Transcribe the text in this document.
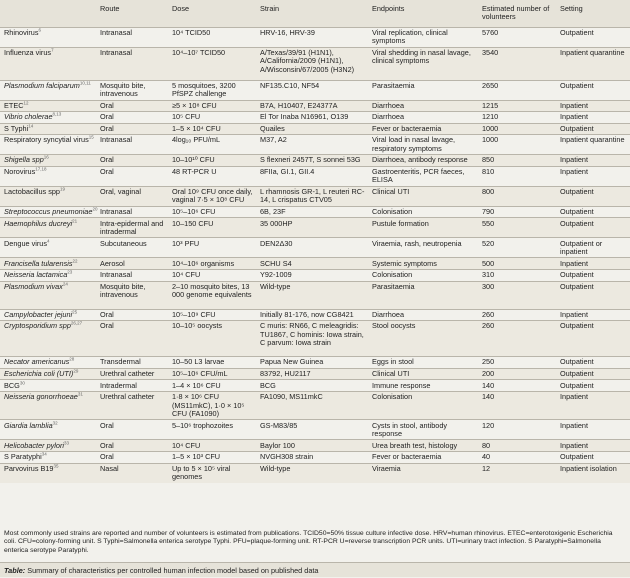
	Route	Dose	Strain	Endpoints	Estimated number of volunteers	Setting
Rhinovirus$^6$	Intranasal	10⁴ TCID50	HRV-16, HRV-39	Viral replication, clinical symptoms	5760	Outpatient
Influenza virus$^7$	Intranasal	10⁴–10⁷ TCID50	A/Texas/39/91 (H1N1), A/California/2009 (H1N1), A/Wisconsin/67/2005 (H3N2)	Viral shedding in nasal lavage, clinical symptoms	3540	Inpatient quarantine
Plasmodium falciparum$^{10,11}$	Mosquito bite, intravenous	5 mosquitoes, 3200 PfSPZ challenge	NF135.C10, NF54	Parasitaemia	2650	Outpatient
ETEC$^{12}$	Oral	≥5 × 10⁸ CFU	B7A, H10407, E24377A	Diarrhoea	1215	Inpatient
Vibrio cholerae$^{8,13}$	Oral	10⁵ CFU	El Tor Inaba N16961, O139	Diarrhoea	1210	Inpatient
S Typhi$^{14}$	Oral	1–5 × 10⁴ CFU	Quailes	Fever or bacteraemia	1000	Outpatient
Respiratory syncytial virus$^{15}$	Intranasal	4log₁₀ PFU/mL	M37, A2	Viral load in nasal lavage, respiratory symptoms	1000	Inpatient quarantine
Shigella spp$^{16}$	Oral	10–10¹⁰ CFU	S flexneri 2457T, S sonnei 53G	Diarrhoea, antibody response	850	Inpatient
Norovirus$^{17,18}$	Oral	48 RT-PCR U	8FIIa, GI.1, GII.4	Gastroenteritis, PCR faeces, ELISA	810	Inpatient
Lactobacillus spp$^{19}$	Oral, vaginal	Oral 10⁹ CFU once daily, vaginal 7·5 × 10⁸ CFU	L rhamnosis GR-1, L reuteri RC-14, L crispatus CTV05	Clinical UTI	800	Outpatient
Streptococcus pneumoniae$^{20}$	Intranasal	10⁵–10⁶ CFU	6B, 23F	Colonisation	790	Outpatient
Haemophilus ducreyi$^{21}$	Intra-epidermal and intradermal	10–150 CFU	35 000HP	Pustule formation	550	Outpatient
Dengue virus$^4$	Subcutaneous	10³ PFU	DEN2Δ30	Viraemia, rash, neutropenia	520	Outpatient or inpatient
Francisella tularensis$^{22}$	Aerosol	10⁴–10⁶ organisms	SCHU S4	Systemic symptoms	500	Inpatient
Neisseria lactamica$^{23}$	Intranasal	10⁴ CFU	Y92-1009	Colonisation	310	Outpatient
Plasmodium vivax$^{24}$	Mosquito bite, intravenous	2–10 mosquito bites, 13 000 genome equivalents	Wild-type	Parasitaemia	300	Outpatient
Campylobacter jejuni$^{25}$	Oral	10⁵–10⁹ CFU	Initially 81-176, now CG8421	Diarrhoea	260	Inpatient
Cryptosporidium spp$^{26,27}$	Oral	10–10⁵ oocysts	C muris: RN66, C meleagridis: TU1867, C hominis: Iowa strain, C parvum: Iowa strain	Stool oocysts	260	Outpatient
Necator americanus$^{28}$	Transdermal	10–50 L3 larvae	Papua New Guinea	Eggs in stool	250	Outpatient
Escherichia coli (UTI)$^{29}$	Urethral catheter	10⁵–10⁶ CFU/mL	83792, HU2117	Clinical UTI	200	Outpatient
BCG$^{30}$	Intradermal	1–4 × 10⁶ CFU	BCG	Immune response	140	Outpatient
Neisseria gonorrhoeae$^{31}$	Urethral catheter	1·8 × 10⁶ CFU (MS11mkC), 1·0 × 10⁵ CFU (FA1090)	FA1090, MS11mkC	Colonisation	140	Inpatient
Giardia lamblia$^{32}$	Oral	5–10⁶ trophozoites	GS-M83/85	Cysts in stool, antibody response	120	Inpatient
Helicobacter pylori$^{33}$	Oral	10⁴ CFU	Baylor 100	Urea breath test, histology	80	Inpatient
S Paratyphi$^{34}$	Oral	1–5 × 10³ CFU	NVGH308 strain	Fever or bacteraemia	40	Outpatient
Parvovirus $B19^{35}$	Nasal	Up to 5 × 10⁵ viral genomes	Wild-type	Viraemia	12	Inpatient isolation
Most commonly used strains are reported and number of volunteers is estimated from publications. TCID50=50% tissue culture infective dose. HRV=human rhinovirus. ETEC=enterotoxigenic Escherichia coli. CFU=colony-forming unit. S Typhi=Salmonella enterica serotype Typhi. PFU=plaque-forming unit. RT-PCR U=reverse transcription PCR units. UTI=urinary tract infection. S Paratyphi=Salmonella enterica serotype Paratyphi.
Table: Summary of characteristics per controlled human infection model based on published data
